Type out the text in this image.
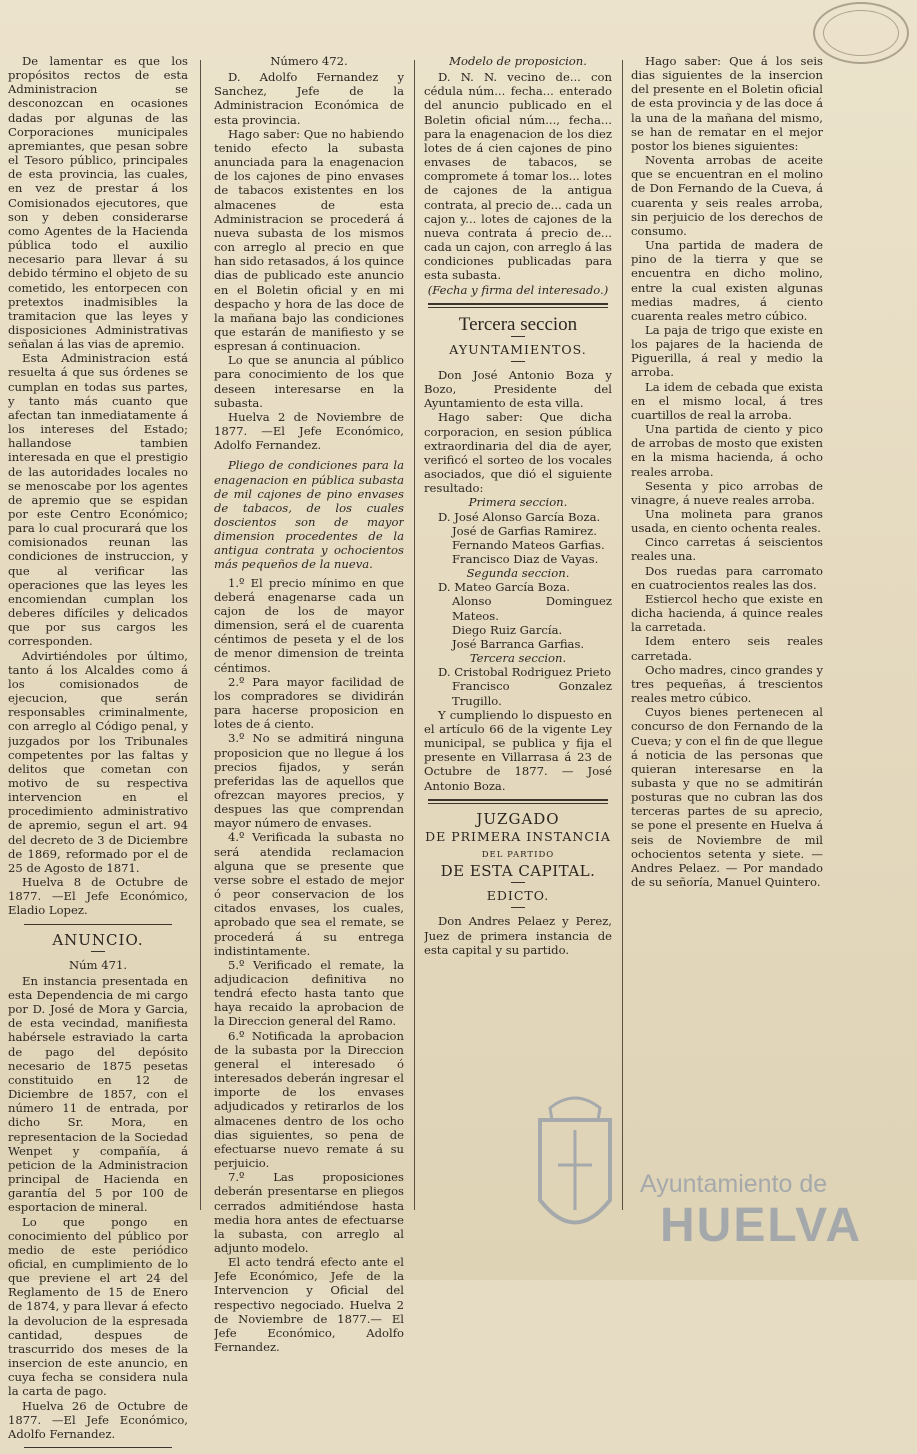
De lamentar es que los propósitos rectos de esta Administracion se desconozcan en ocasiones dadas por algunas de las Corporaciones municipales apremiantes, que pesan sobre el Tesoro público, principales de esta provincia, las cuales, en vez de prestar á los Comisionados ejecutores, que son y deben considerarse como Agentes de la Hacienda pública todo el auxilio necesario para llevar á su debido término el objeto de su cometido, les entorpecen con pretextos inadmisibles la tramitacion que las leyes y disposiciones Administrativas señalan á las vias de apremio.

Esta Administracion está resuelta á que sus órdenes se cumplan en todas sus partes, y tanto más cuanto que afectan tan inmediatamente á los intereses del Estado; hallandose tambien interesada en que el prestigio de las autoridades locales no se menoscabe por los agentes de apremio que se espidan por este Centro Económico; para lo cual procurará que los comisionados reunan las condiciones de instruccion, y que al verificar las operaciones que las leyes les encomiendan cumplan los deberes difíciles y delicados que por sus cargos les corresponden.

Advirtiéndoles por último, tanto á los Alcaldes como á los comisionados de ejecucion, que serán responsables criminalmente, con arreglo al Código penal, y juzgados por los Tribunales competentes por las faltas y delitos que cometan con motivo de su respectiva intervencion en el procedimiento administrativo de apremio, segun el art. 94 del decreto de 3 de Diciembre de 1869, reformado por el de 25 de Agosto de 1871.

Huelva 8 de Octubre de 1877. —El Jefe Económico, Eladio Lopez.

ANUNCIO.
Núm 471.

En instancia presentada en esta Dependencia de mi cargo por D. José de Mora y Garcia, de esta vecindad, manifiesta habérsele estraviado la carta de pago del depósito necesario de 1875 pesetas constituido en 12 de Diciembre de 1857, con el número 11 de entrada, por dicho Sr. Mora, en representacion de la Sociedad Wenpet y compañía, á peticion de la Administracion principal de Hacienda en garantía del 5 por 100 de esportacion de mineral.

Lo que pongo en conocimiento del público por medio de este periódico oficial, en cumplimiento de lo que previene el art 24 del Reglamento de 15 de Enero de 1874, y para llevar á efecto la devolucion de la espresada cantidad, despues de trascurrido dos meses de la insercion de este anuncio, en cuya fecha se considera nula la carta de pago.

Huelva 26 de Octubre de 1877. —El Jefe Económico, Adolfo Fernandez.

Número 472.

D. Adolfo Fernandez y Sanchez, Jefe de la Administracion Económica de esta provincia.

Hago saber: Que no habiendo tenido efecto la subasta anunciada para la enagenacion de los cajones de pino envases de tabacos existentes en los almacenes de esta Administracion se procederá á nueva subasta de los mismos con arreglo al precio en que han sido retasados, á los quince dias de publicado este anuncio en el Boletin oficial y en mi despacho y hora de las doce de la mañana bajo las condiciones que estarán de manifiesto y se espresan á continuacion.

Lo que se anuncia al público para conocimiento de los que deseen interesarse en la subasta.

Huelva 2 de Noviembre de 1877. —El Jefe Económico, Adolfo Fernandez.

Pliego de condiciones para la enagenacion en pública subasta de mil cajones de pino envases de tabacos, de los cuales doscientos son de mayor dimension procedentes de la antigua contrata y ochocientos más pequeños de la nueva.

1.º El precio mínimo en que deberá enagenarse cada un cajon de los de mayor dimension, será el de cuarenta céntimos de peseta y el de los de menor dimension de treinta céntimos.

2.º Para mayor facilidad de los compradores se dividirán para hacerse proposicion en lotes de á ciento.

3.º No se admitirá ninguna proposicion que no llegue á los precios fijados, y serán preferidas las de aquellos que ofrezcan mayores precios, y despues las que comprendan mayor número de envases.

4.º Verificada la subasta no será atendida reclamacion alguna que se presente que verse sobre el estado de mejor ó peor conservacion de los citados envases, los cuales, aprobado que sea el remate, se procederá á su entrega indistintamente.

5.º Verificado el remate, la adjudicacion definitiva no tendrá efecto hasta tanto que haya recaido la aprobacion de la Direccion general del Ramo.

6.º Notificada la aprobacion de la subasta por la Direccion general el interesado ó interesados deberán ingresar el importe de los envases adjudicados y retirarlos de los almacenes dentro de los ocho dias siguientes, so pena de efectuarse nuevo remate á su perjuicio.

7.º Las proposiciones deberán presentarse en pliegos cerrados admitiéndose hasta media hora antes de efectuarse la subasta, con arreglo al adjunto modelo.

El acto tendrá efecto ante el Jefe Económico, Jefe de la Intervencion y Oficial del respectivo negociado. Huelva 2 de Noviembre de 1877.— El Jefe Económico, Adolfo Fernandez.

Modelo de proposicion.

D. N. N. vecino de... con cédula núm... fecha... enterado del anuncio publicado en el Boletin oficial núm..., fecha... para la enagenacion de los diez lotes de á cien cajones de pino envases de tabacos, se compromete á tomar los... lotes de cajones de la antigua contrata, al precio de... cada un cajon y... lotes de cajones de la nueva contrata á precio de... cada un cajon, con arreglo á las condiciones publicadas para esta subasta.

(Fecha y firma del interesado.)

Tercera seccion
AYUNTAMIENTOS.

Don José Antonio Boza y Bozo, Presidente del Ayuntamiento de esta villa.

Hago saber: Que dicha corporacion, en sesion pública extraordinaria del dia de ayer, verificó el sorteo de los vocales asociados, que dió el siguiente resultado:

Primera seccion.

D. José Alonso García Boza.

José de Garfias Ramirez.

Fernando Mateos Garfias.

Francisco Diaz de Vayas.

Segunda seccion.

D. Mateo García Boza.

Alonso Dominguez Mateos.

Diego Ruiz García.

José Barranca Garfias.

Tercera seccion.

D. Cristobal Rodriguez Prieto

Francisco Gonzalez Trugillo.

Y cumpliendo lo dispuesto en el artículo 66 de la vigente Ley municipal, se publica y fija el presente en Villarrasa á 23 de Octubre de 1877. — José Antonio Boza.

JUZGADO
DE PRIMERA INSTANCIA
DEL PARTIDO
DE ESTA CAPITAL.
EDICTO.

Don Andres Pelaez y Perez, Juez de primera instancia de esta capital y su partido.

Hago saber: Que á los seis dias siguientes de la insercion del presente en el Boletin oficial de esta provincia y de las doce á la una de la mañana del mismo, se han de rematar en el mejor postor los bienes siguientes:

Noventa arrobas de aceite que se encuentran en el molino de Don Fernando de la Cueva, á cuarenta y seis reales arroba, sin perjuicio de los derechos de consumo.

Una partida de madera de pino de la tierra y que se encuentra en dicho molino, entre la cual existen algunas medias madres, á ciento cuarenta reales metro cúbico.

La paja de trigo que existe en los pajares de la hacienda de Piguerilla, á real y medio la arroba.

La idem de cebada que exista en el mismo local, á tres cuartillos de real la arroba.

Una partida de ciento y pico de arrobas de mosto que existen en la misma hacienda, á ocho reales arroba.

Sesenta y pico arrobas de vinagre, á nueve reales arroba.

Una molineta para granos usada, en ciento ochenta reales.

Cinco carretas á seiscientos reales una.

Dos ruedas para carromato en cuatrocientos reales las dos.

Estiercol hecho que existe en dicha hacienda, á quince reales la carretada.

Idem entero seis reales carretada.

Ocho madres, cinco grandes y tres pequeñas, á trescientos reales metro cúbico.

Cuyos bienes pertenecen al concurso de don Fernando de la Cueva; y con el fin de que llegue á noticia de las personas que quieran interesarse en la subasta y que no se admitirán posturas que no cubran las dos terceras partes de su aprecio, se pone el presente en Huelva á seis de Noviembre de mil ochocientos setenta y siete. — Andres Pelaez. — Por mandado de su señoría, Manuel Quintero.

Ayuntamiento de
HUELVA
